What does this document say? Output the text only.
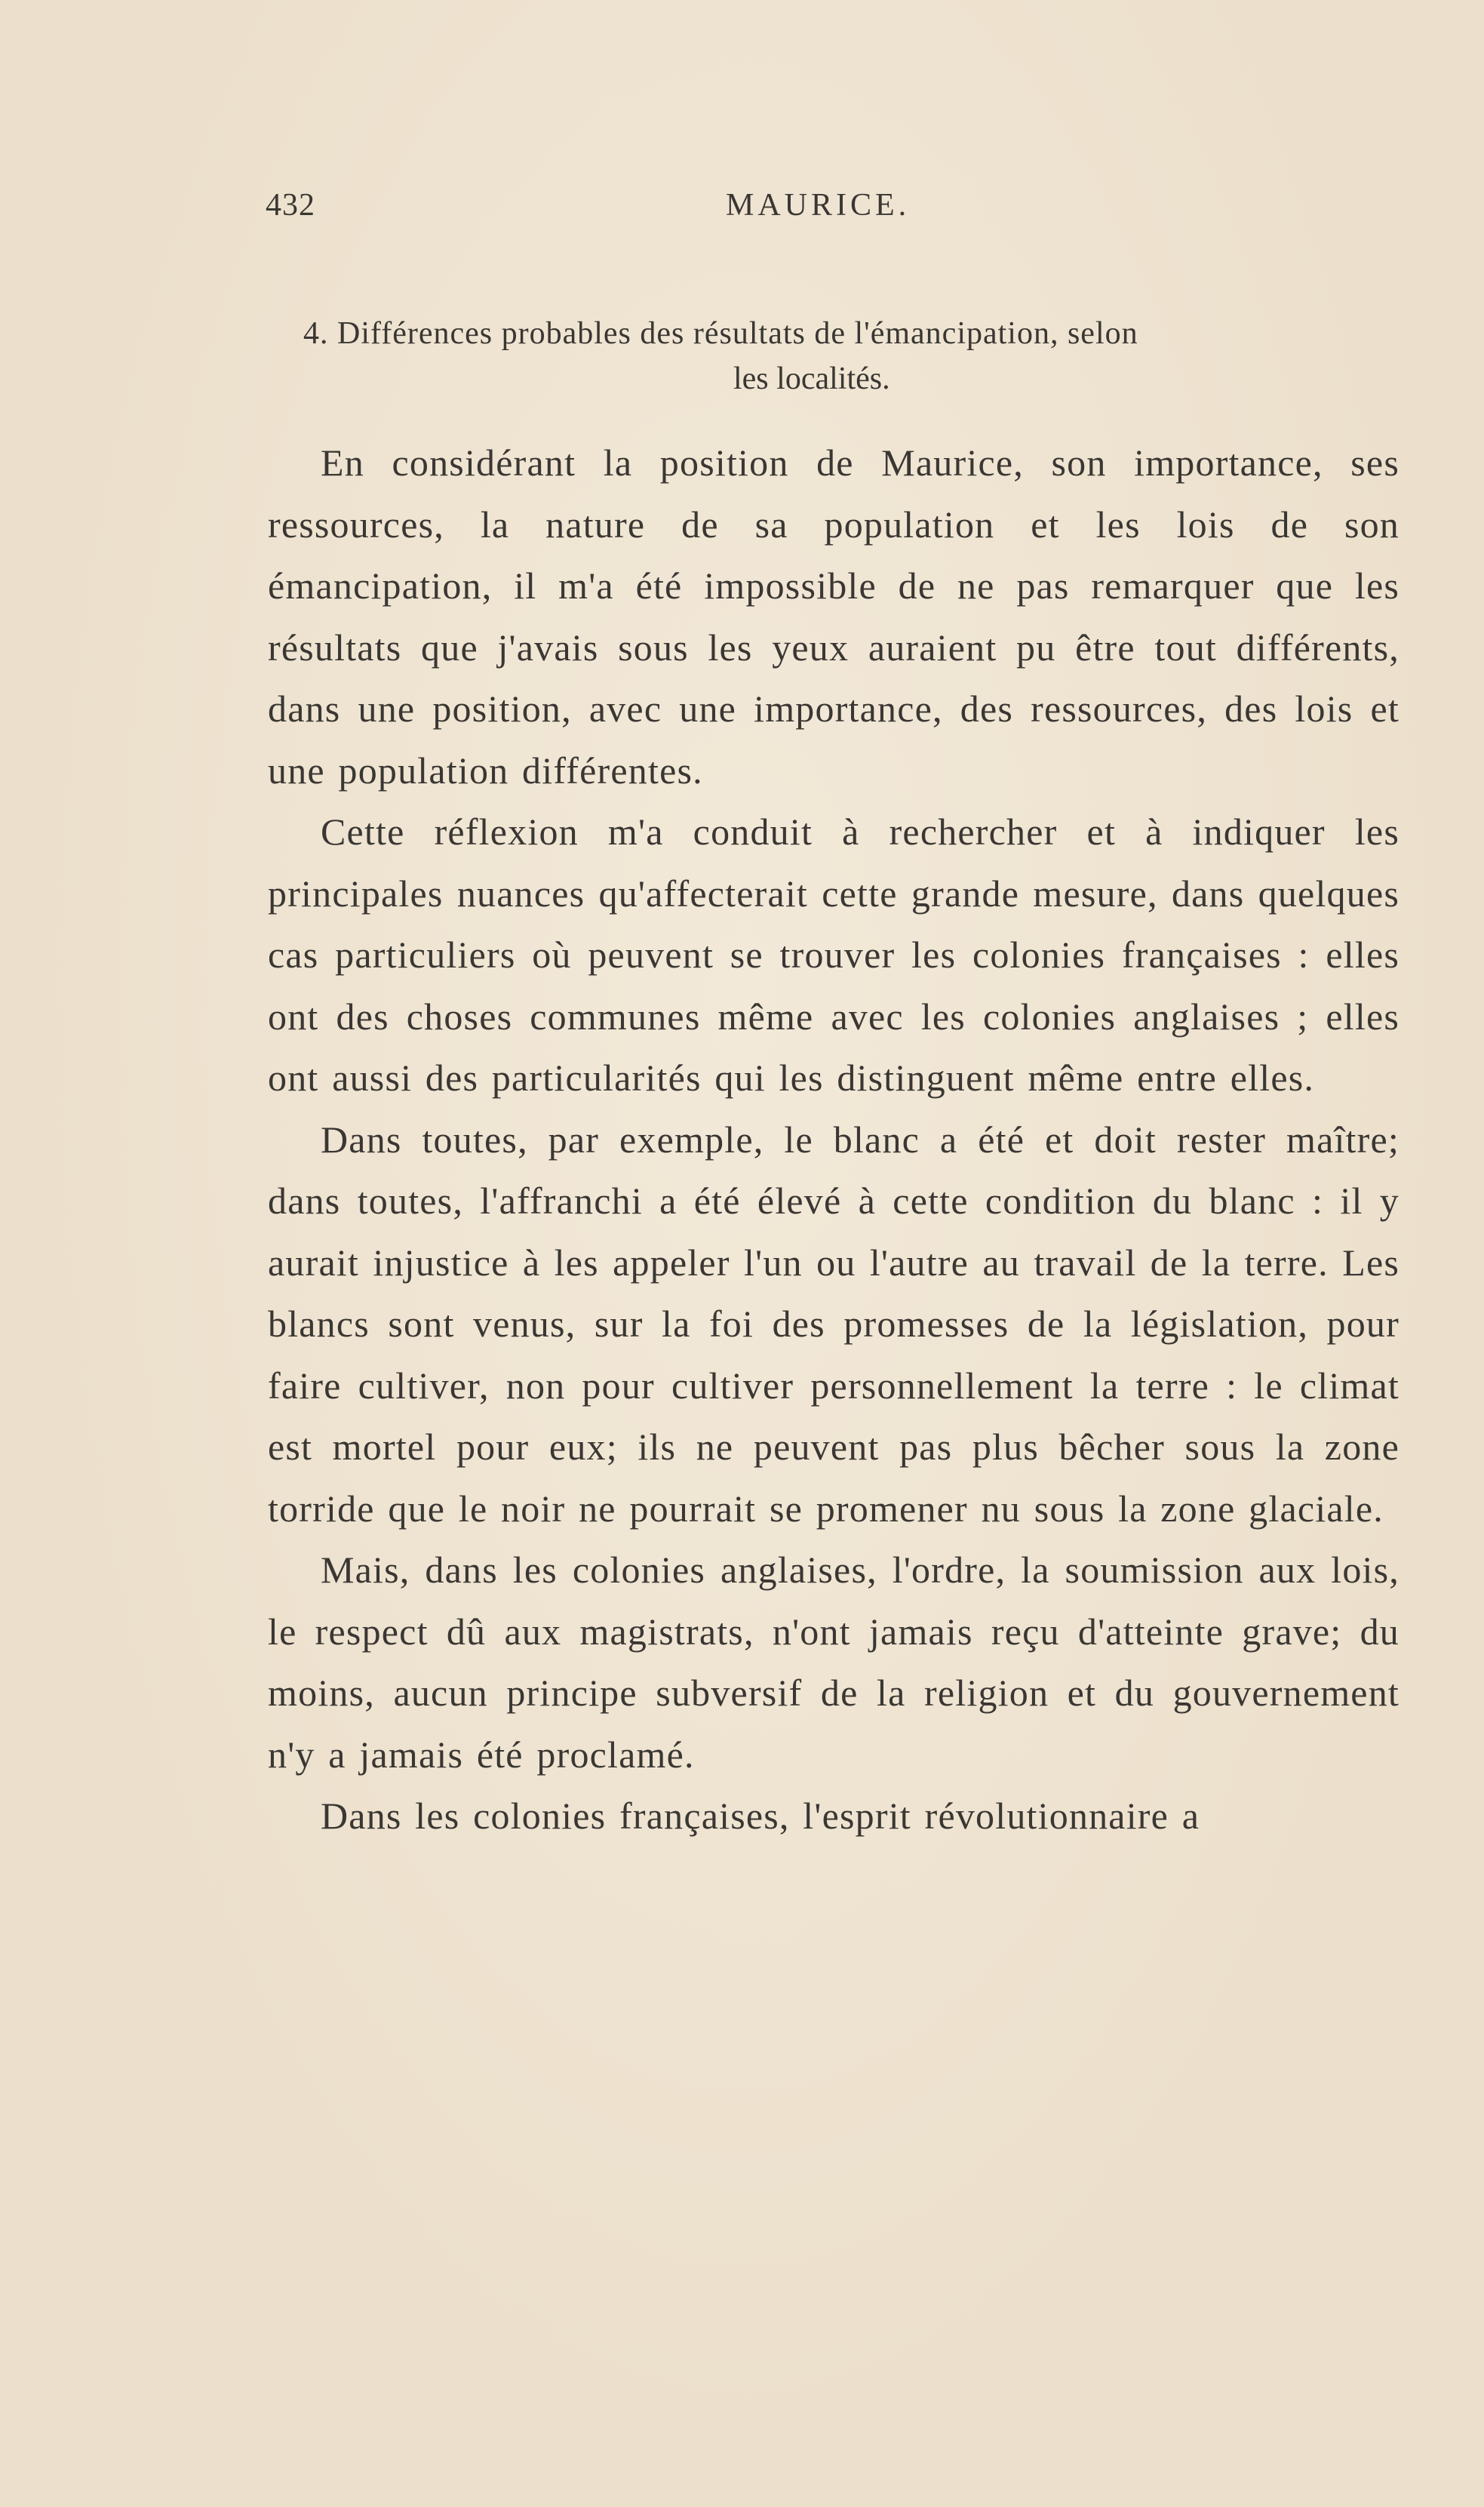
432	MAURICE.
4. Différences probables des résultats de l'émancipation, selon
les localités.

En considérant la position de Maurice, son importance, ses ressources, la nature de sa population et les lois de son émancipation, il m'a été impossible de ne pas remarquer que les résultats que j'avais sous les yeux auraient pu être tout différents, dans une position, avec une importance, des ressources, des lois et une population différentes.

Cette réflexion m'a conduit à rechercher et à indiquer les principales nuances qu'affecterait cette grande mesure, dans quelques cas particuliers où peuvent se trouver les colonies françaises : elles ont des choses communes même avec les colonies anglaises ; elles ont aussi des particularités qui les distinguent même entre elles.

Dans toutes, par exemple, le blanc a été et doit rester maître; dans toutes, l'affranchi a été élevé à cette condition du blanc : il y aurait injustice à les appeler l'un ou l'autre au travail de la terre. Les blancs sont venus, sur la foi des promesses de la législation, pour faire cultiver, non pour cultiver personnellement la terre : le climat est mortel pour eux; ils ne peuvent pas plus bêcher sous la zone torride que le noir ne pourrait se promener nu sous la zone glaciale.

Mais, dans les colonies anglaises, l'ordre, la soumission aux lois, le respect dû aux magistrats, n'ont jamais reçu d'atteinte grave; du moins, aucun principe subversif de la religion et du gouvernement n'y a jamais été proclamé.

Dans les colonies françaises, l'esprit révolutionnaire a
